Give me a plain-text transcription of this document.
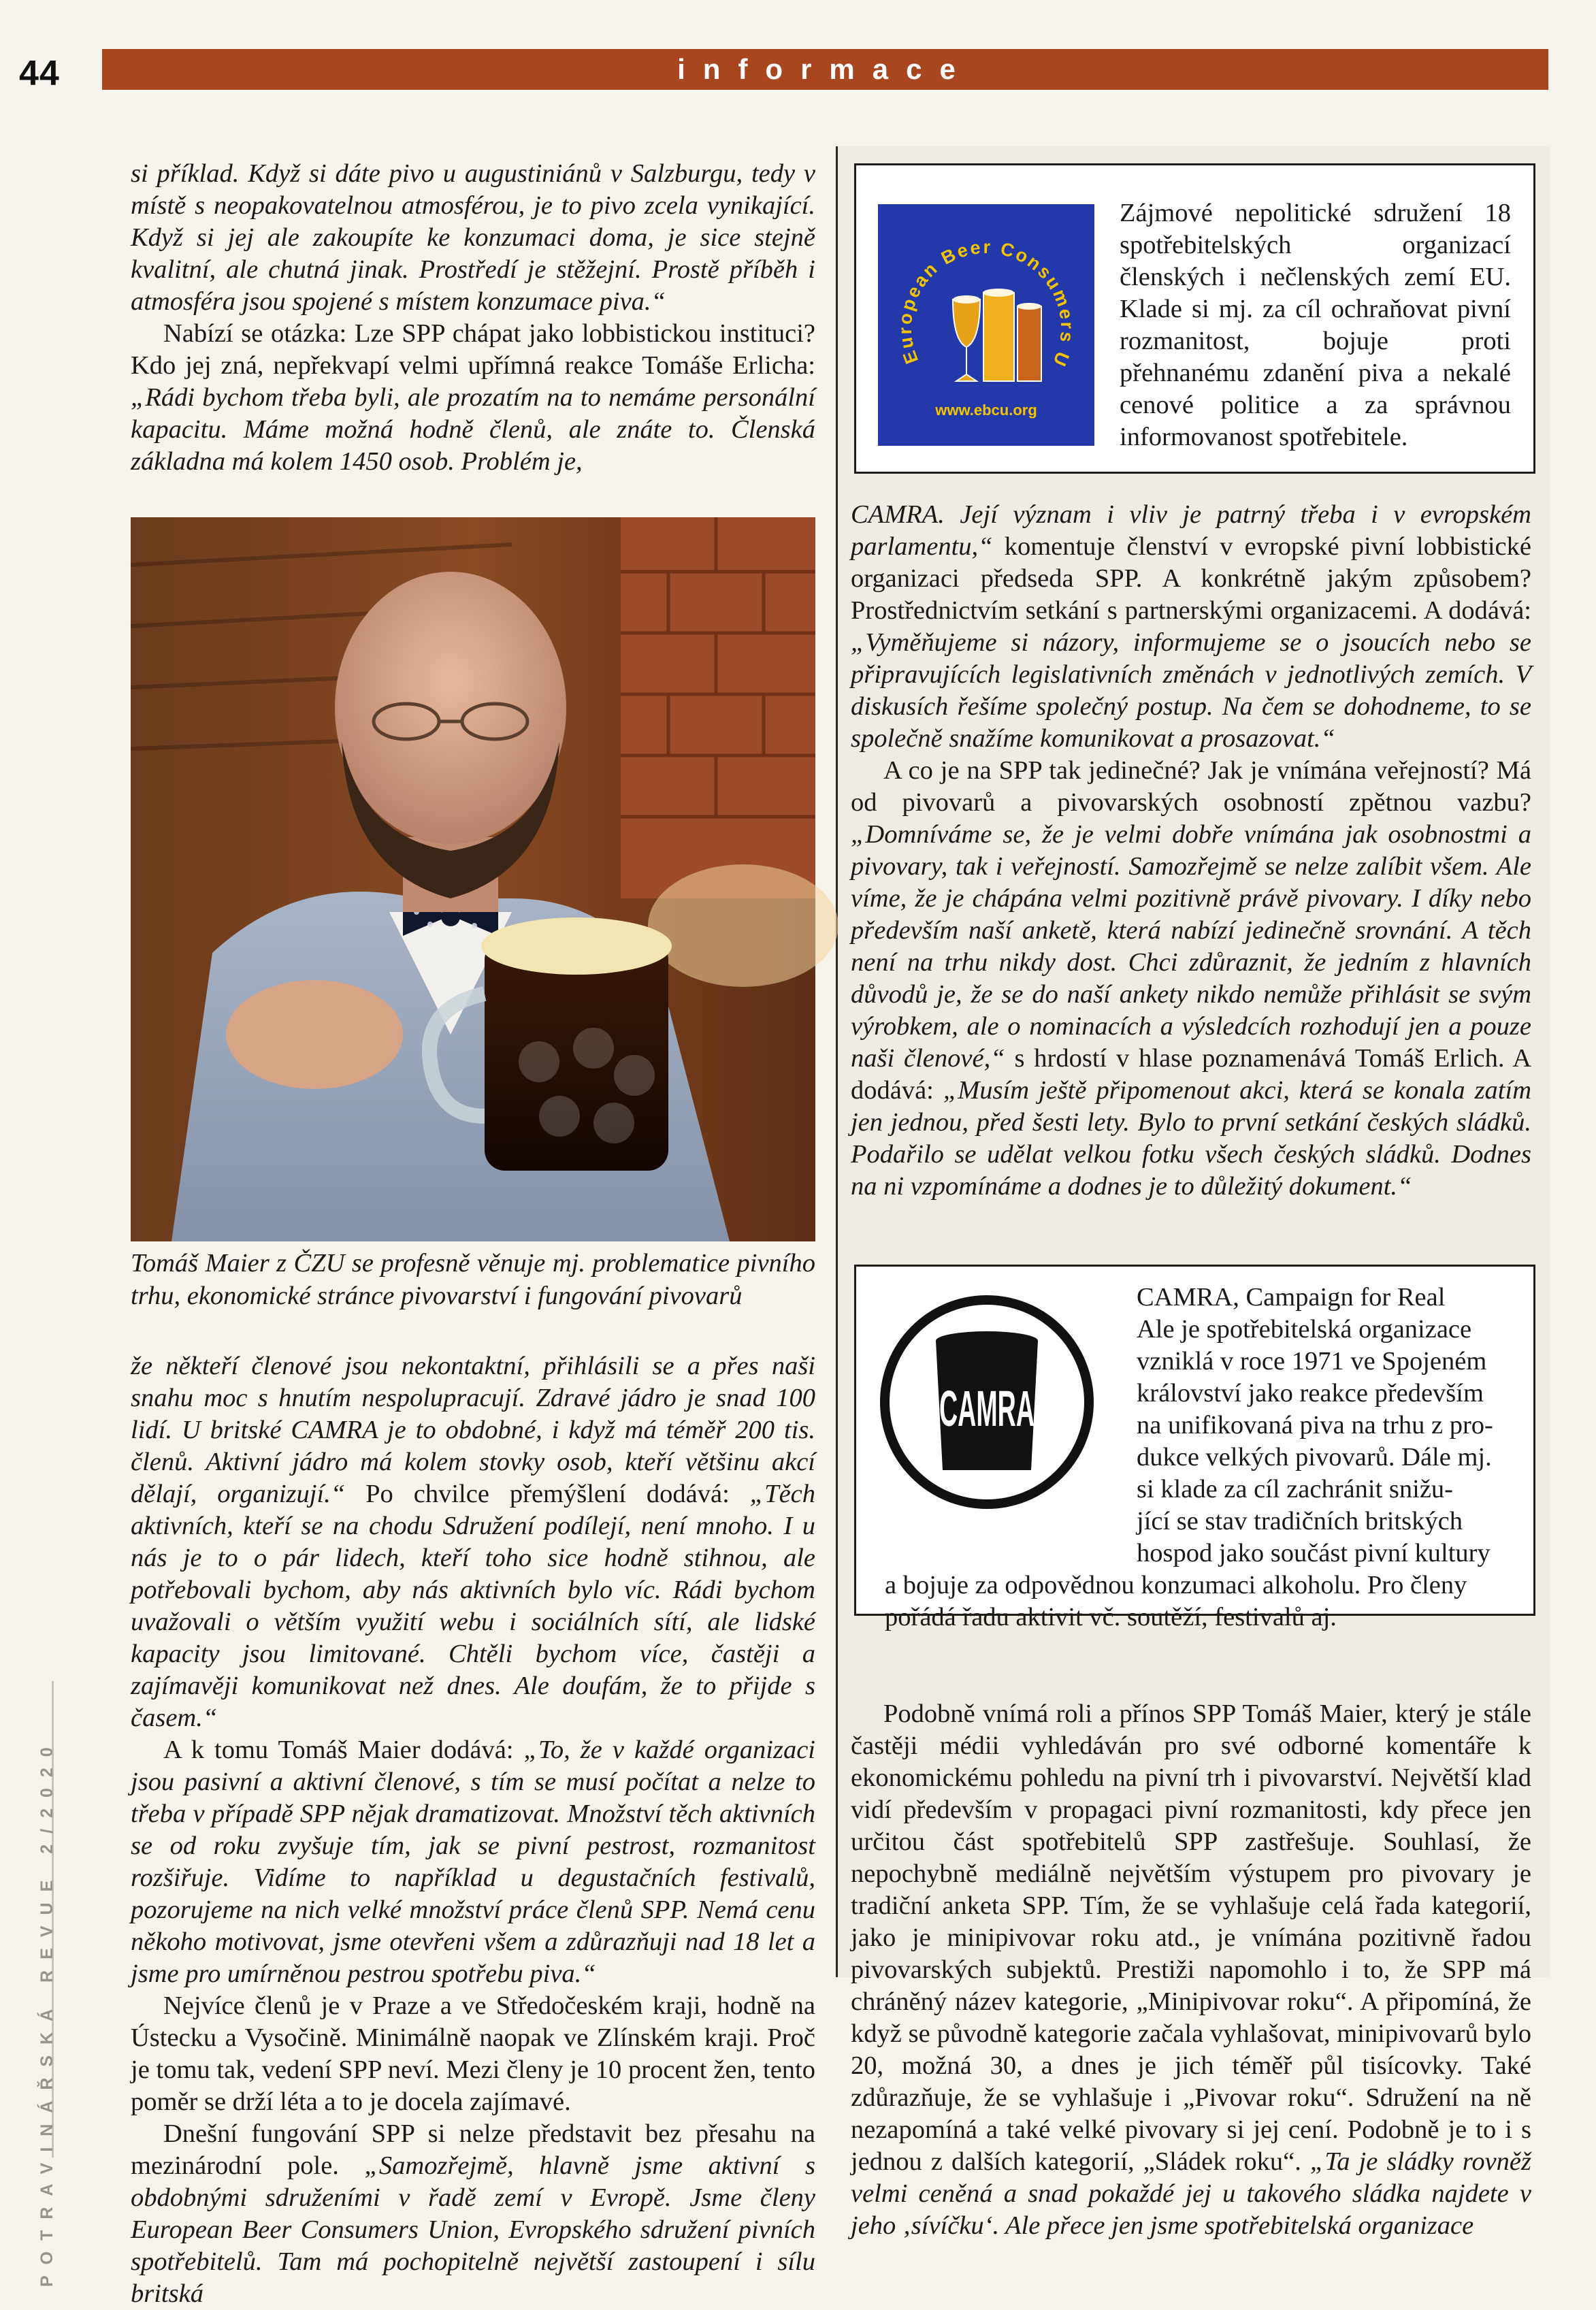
44	informace
POTRAVINÁŘSKÁ REVUE 2/2020

si příklad. Když si dáte pivo u augustiniánů v Salzburgu, tedy v místě s neopakovatelnou atmosférou, je to pivo zcela vynikající. Když si jej ale zakoupíte ke konzumaci doma, je sice stejně kvalitní, ale chutná jinak. Prostředí je stěžejní. Prostě příběh i atmosféra jsou spojené s místem konzumace piva.“

Nabízí se otázka: Lze SPP chápat jako lobbistickou instituci? Kdo jej zná, nepřekvapí velmi upřímná reakce Tomáše Erlicha: „Rádi bychom třeba byli, ale prozatím na to nemáme personální kapacitu. Máme možná hodně členů, ale znáte to. Členská základna má kolem 1450 osob. Problém je,

Tomáš Maier z ČZU se profesně věnuje mj. problematice pivního trhu, ekonomické stránce pivovarství i fungování pivovarů

že někteří členové jsou nekontaktní, přihlásili se a přes naši snahu moc s hnutím nespolupracují. Zdravé jádro je snad 100 lidí. U britské CAMRA je to obdobné, i když má téměř 200 tis. členů. Aktivní jádro má kolem stovky osob, kteří většinu akcí dělají, organizují.“ Po chvilce přemýšlení dodává: „Těch aktivních, kteří se na chodu Sdružení podílejí, není mnoho. I u nás je to o pár lidech, kteří toho sice hodně stihnou, ale potřebovali bychom, aby nás aktivních bylo víc. Rádi bychom uvažovali o větším využití webu i sociálních sítí, ale lidské kapacity jsou limitované. Chtěli bychom více, častěji a zajímavěji komunikovat než dnes. Ale doufám, že to přijde s časem.“

A k tomu Tomáš Maier dodává: „To, že v každé organizaci jsou pasivní a aktivní členové, s tím se musí počítat a nelze to třeba v případě SPP nějak dramatizovat. Množství těch aktivních se od roku zvyšuje tím, jak se pivní pestrost, rozmanitost rozšiřuje. Vidíme to například u degustačních festivalů, pozorujeme na nich velké množství práce členů SPP. Nemá cenu někoho motivovat, jsme otevřeni všem a zdůrazňuji nad 18 let a jsme pro umírněnou pestrou spotřebu piva.“

Nejvíce členů je v Praze a ve Středočeském kraji, hodně na Ústecku a Vysočině. Minimálně naopak ve Zlínském kraji. Proč je tomu tak, vedení SPP neví. Mezi členy je 10 procent žen, tento poměr se drží léta a to je docela zajímavé.

Dnešní fungování SPP si nelze představit bez přesahu na mezinárodní pole. „Samozřejmě, hlavně jsme aktivní s obdobnými sdruženími v řadě zemí v Evropě. Jsme členy European Beer Consumers Union, Evropského sdružení pivních spotřebitelů. Tam má pochopitelně největší zastoupení i sílu britská

European Beer Consumers U
www.ebcu.org
Zájmové nepolitické sdružení 18 spotřebitelských organizací členských i nečlenských zemí EU. Klade si mj. za cíl ochraňovat pivní rozmanitost, bojuje proti přehnanému zdanění piva a nekalé cenové politice a za správnou informovanost spotřebitele.

CAMRA. Její význam i vliv je patrný třeba i v evropském parlamentu,“ komentuje členství v evropské pivní lobbistické organizaci předseda SPP. A konkrétně jakým způsobem? Prostřednictvím setkání s partnerskými organizacemi. A dodává: „Vyměňujeme si názory, informujeme se o jsoucích nebo se připravujících legislativních změnách v jednotlivých zemích. V diskusích řešíme společný postup. Na čem se dohodneme, to se společně snažíme komunikovat a prosazovat.“

A co je na SPP tak jedinečné? Jak je vnímána veřejností? Má od pivovarů a pivovarských osobností zpětnou vazbu? „Domníváme se, že je velmi dobře vnímána jak osobnostmi a pivovary, tak i veřejností. Samozřejmě se nelze zalíbit všem. Ale víme, že je chápána velmi pozitivně právě pivovary. I díky nebo především naší anketě, která nabízí jedinečně srovnání. A těch není na trhu nikdy dost. Chci zdůraznit, že jedním z hlavních důvodů je, že se do naší ankety nikdo nemůže přihlásit se svým výrobkem, ale o nominacích a výsledcích rozhodují jen a pouze naši členové,“ s hrdostí v hlase poznamenává Tomáš Erlich. A dodává: „Musím ještě připomenout akci, která se konala zatím jen jednou, před šesti lety. Bylo to první setkání českých sládků. Podařilo se udělat velkou fotku všech českých sládků. Dodnes na ni vzpomínáme a dodnes je to důležitý dokument.“

CAMRA
CAMRA, Campaign for Real
Ale je spotřebitelská organizace
vzniklá v roce 1971 ve Spojeném
království jako reakce především
na unifikovaná piva na trhu z pro-
dukce velkých pivovarů. Dále mj.
si klade za cíl zachránit snižu-
jící se stav tradičních britských
hospod jako součást pivní kultury
a bojuje za odpovědnou konzumaci alkoholu. Pro členy
pořádá řadu aktivit vč. soutěží, festivalů aj.

Podobně vnímá roli a přínos SPP Tomáš Maier, který je stále častěji médii vyhledáván pro své odborné komentáře k ekonomickému pohledu na pivní trh i pivovarství. Největší klad vidí především v propagaci pivní rozmanitosti, kdy přece jen určitou část spotřebitelů SPP zastřešuje. Souhlasí, že nepochybně mediálně největším výstupem pro pivovary je tradiční anketa SPP. Tím, že se vyhlašuje celá řada kategorií, jako je minipivovar roku atd., je vnímána pozitivně řadou pivovarských subjektů. Prestiži napomohlo i to, že SPP má chráněný název kategorie, „Minipivovar roku“. A připomíná, že když se původně kategorie začala vyhlašovat, minipivovarů bylo 20, možná 30, a dnes je jich téměř půl tisícovky. Také zdůrazňuje, že se vyhlašuje i „Pivovar roku“. Sdružení na ně nezapomíná a také velké pivovary si jej cení. Podobně je to i s jednou z dalších kategorií, „Sládek roku“. „Ta je sládky rovněž velmi ceněná a snad pokaždé jej u takového sládka najdete v jeho ‚sívíčku‘. Ale přece jen jsme spotřebitelská organizace
